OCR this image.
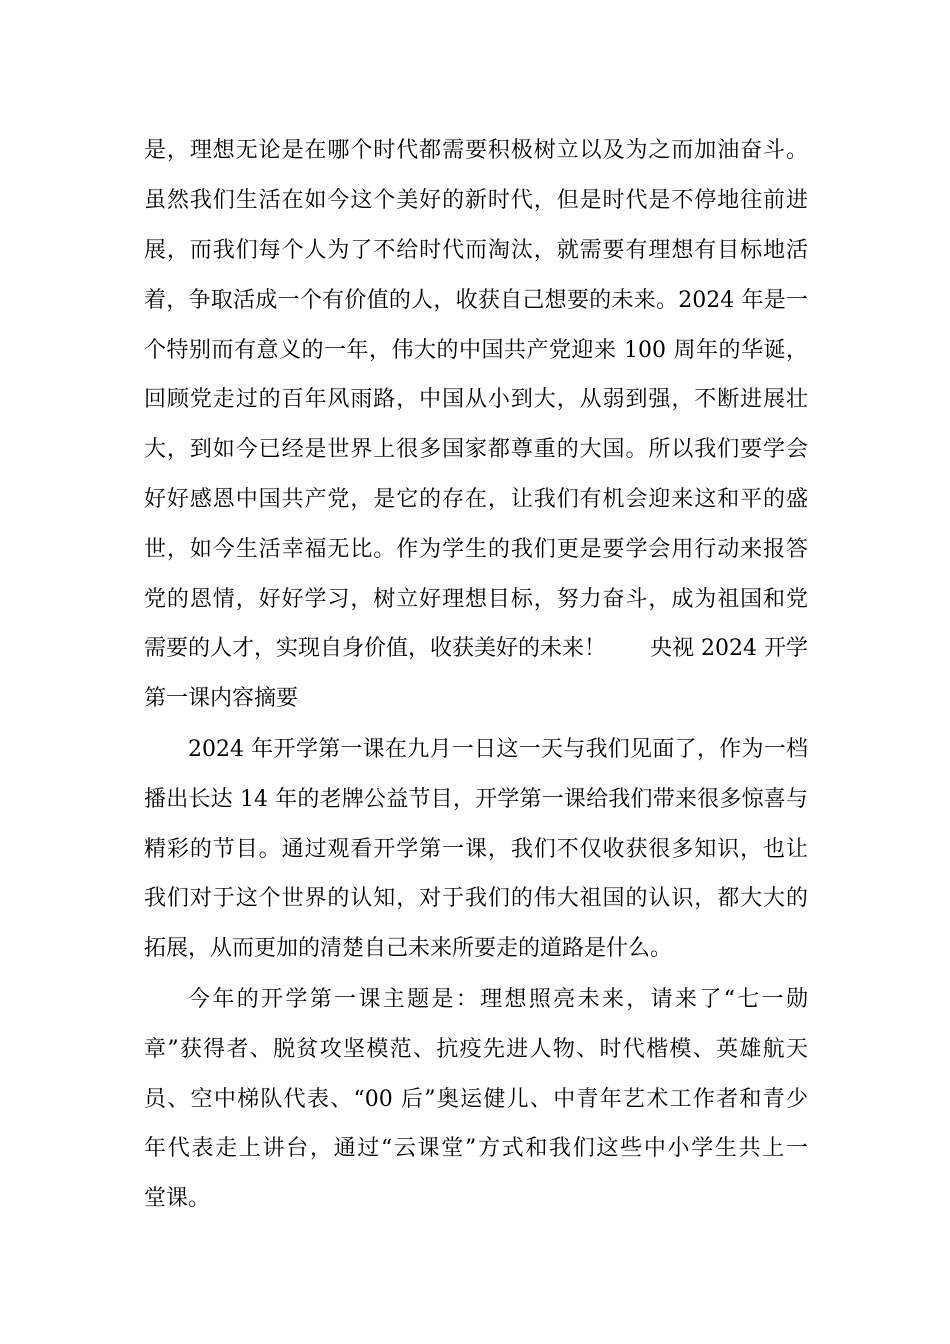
是，理想无论是在哪个时代都需要积极树立以及为之而加油奋斗。
虽然我们生活在如今这个美好的新时代，但是时代是不停地往前进
展，而我们每个人为了不给时代而淘汰，就需要有理想有目标地活
着，争取活成一个有价值的人，收获自己想要的未来。2024 年是一
个特别而有意义的一年，伟大的中国共产党迎来 100 周年的华诞，
回顾党走过的百年风雨路，中国从小到大，从弱到强，不断进展壮
大，到如今已经是世界上很多国家都尊重的大国。所以我们要学会
好好感恩中国共产党，是它的存在，让我们有机会迎来这和平的盛
世，如今生活幸福无比。作为学生的我们更是要学会用行动来报答
党的恩情，好好学习，树立好理想目标，努力奋斗，成为祖国和党
需要的人才，实现自身价值，收获美好的未来！　　央视 2024 开学
第一课内容摘要
2024 年开学第一课在九月一日这一天与我们见面了，作为一档
播出长达 14 年的老牌公益节目，开学第一课给我们带来很多惊喜与
精彩的节目。通过观看开学第一课，我们不仅收获很多知识，也让
我们对于这个世界的认知，对于我们的伟大祖国的认识，都大大的
拓展，从而更加的清楚自己未来所要走的道路是什么。
今年的开学第一课主题是：理想照亮未来，请来了“七一勋
章”获得者、脱贫攻坚模范、抗疫先进人物、时代楷模、英雄航天
员、空中梯队代表、“00 后”奥运健儿、中青年艺术工作者和青少
年代表走上讲台，通过“云课堂”方式和我们这些中小学生共上一
堂课。
